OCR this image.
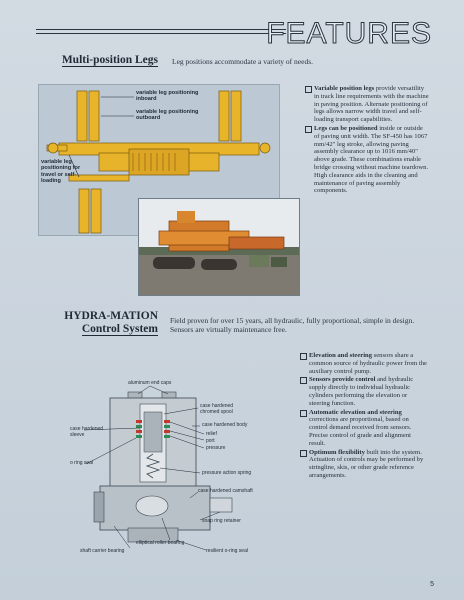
FEATURES
Multi-position Legs Leg positions accommodate a variety of needs.
variable leg positioning inboard
variable leg positioning outboard
variable leg positioning for travel or self-loading
Variable position legs provide versatility in track line requirements with the machine in paving position. Alternate positioning of legs allows narrow width travel and self-loading transport capabilities.
Legs can be positioned inside or outside of paving unit width. The SF-450 has 1067 mm/42" leg stroke, allowing paving assembly clearance up to 1016 mm/40" above grade. These combinations enable bridge crossing without machine teardown. High clearance aids in the cleaning and maintenance of paving assembly components.
HYDRA-MATION
Control System
Field proven for over 15 years, all hydraulic, fully proportional, simple in design. Sensors are virtually maintenance free.
aluminum end caps
case hardened chromed spool
case hardened sleeve
case hardened body
relief
port
pressure
o ring seal
pressure action spring
case hardened camshaft
snap ring retainer
shaft carrier bearing
elliptical roller bearing
resilient o-ring seal
Elevation and steering sensors share a common source of hydraulic power from the auxiliary control pump.
Sensors provide control and hydraulic supply directly to individual hydraulic cylinders performing the elevation or steering function.
Automatic elevation and steering corrections are proportional, based on control demand received from sensors. Precise control of grade and alignment result.
Optimum flexibility built into the system. Actuation of controls may be performed by stringline, skis, or other grade reference arrangements.
5
